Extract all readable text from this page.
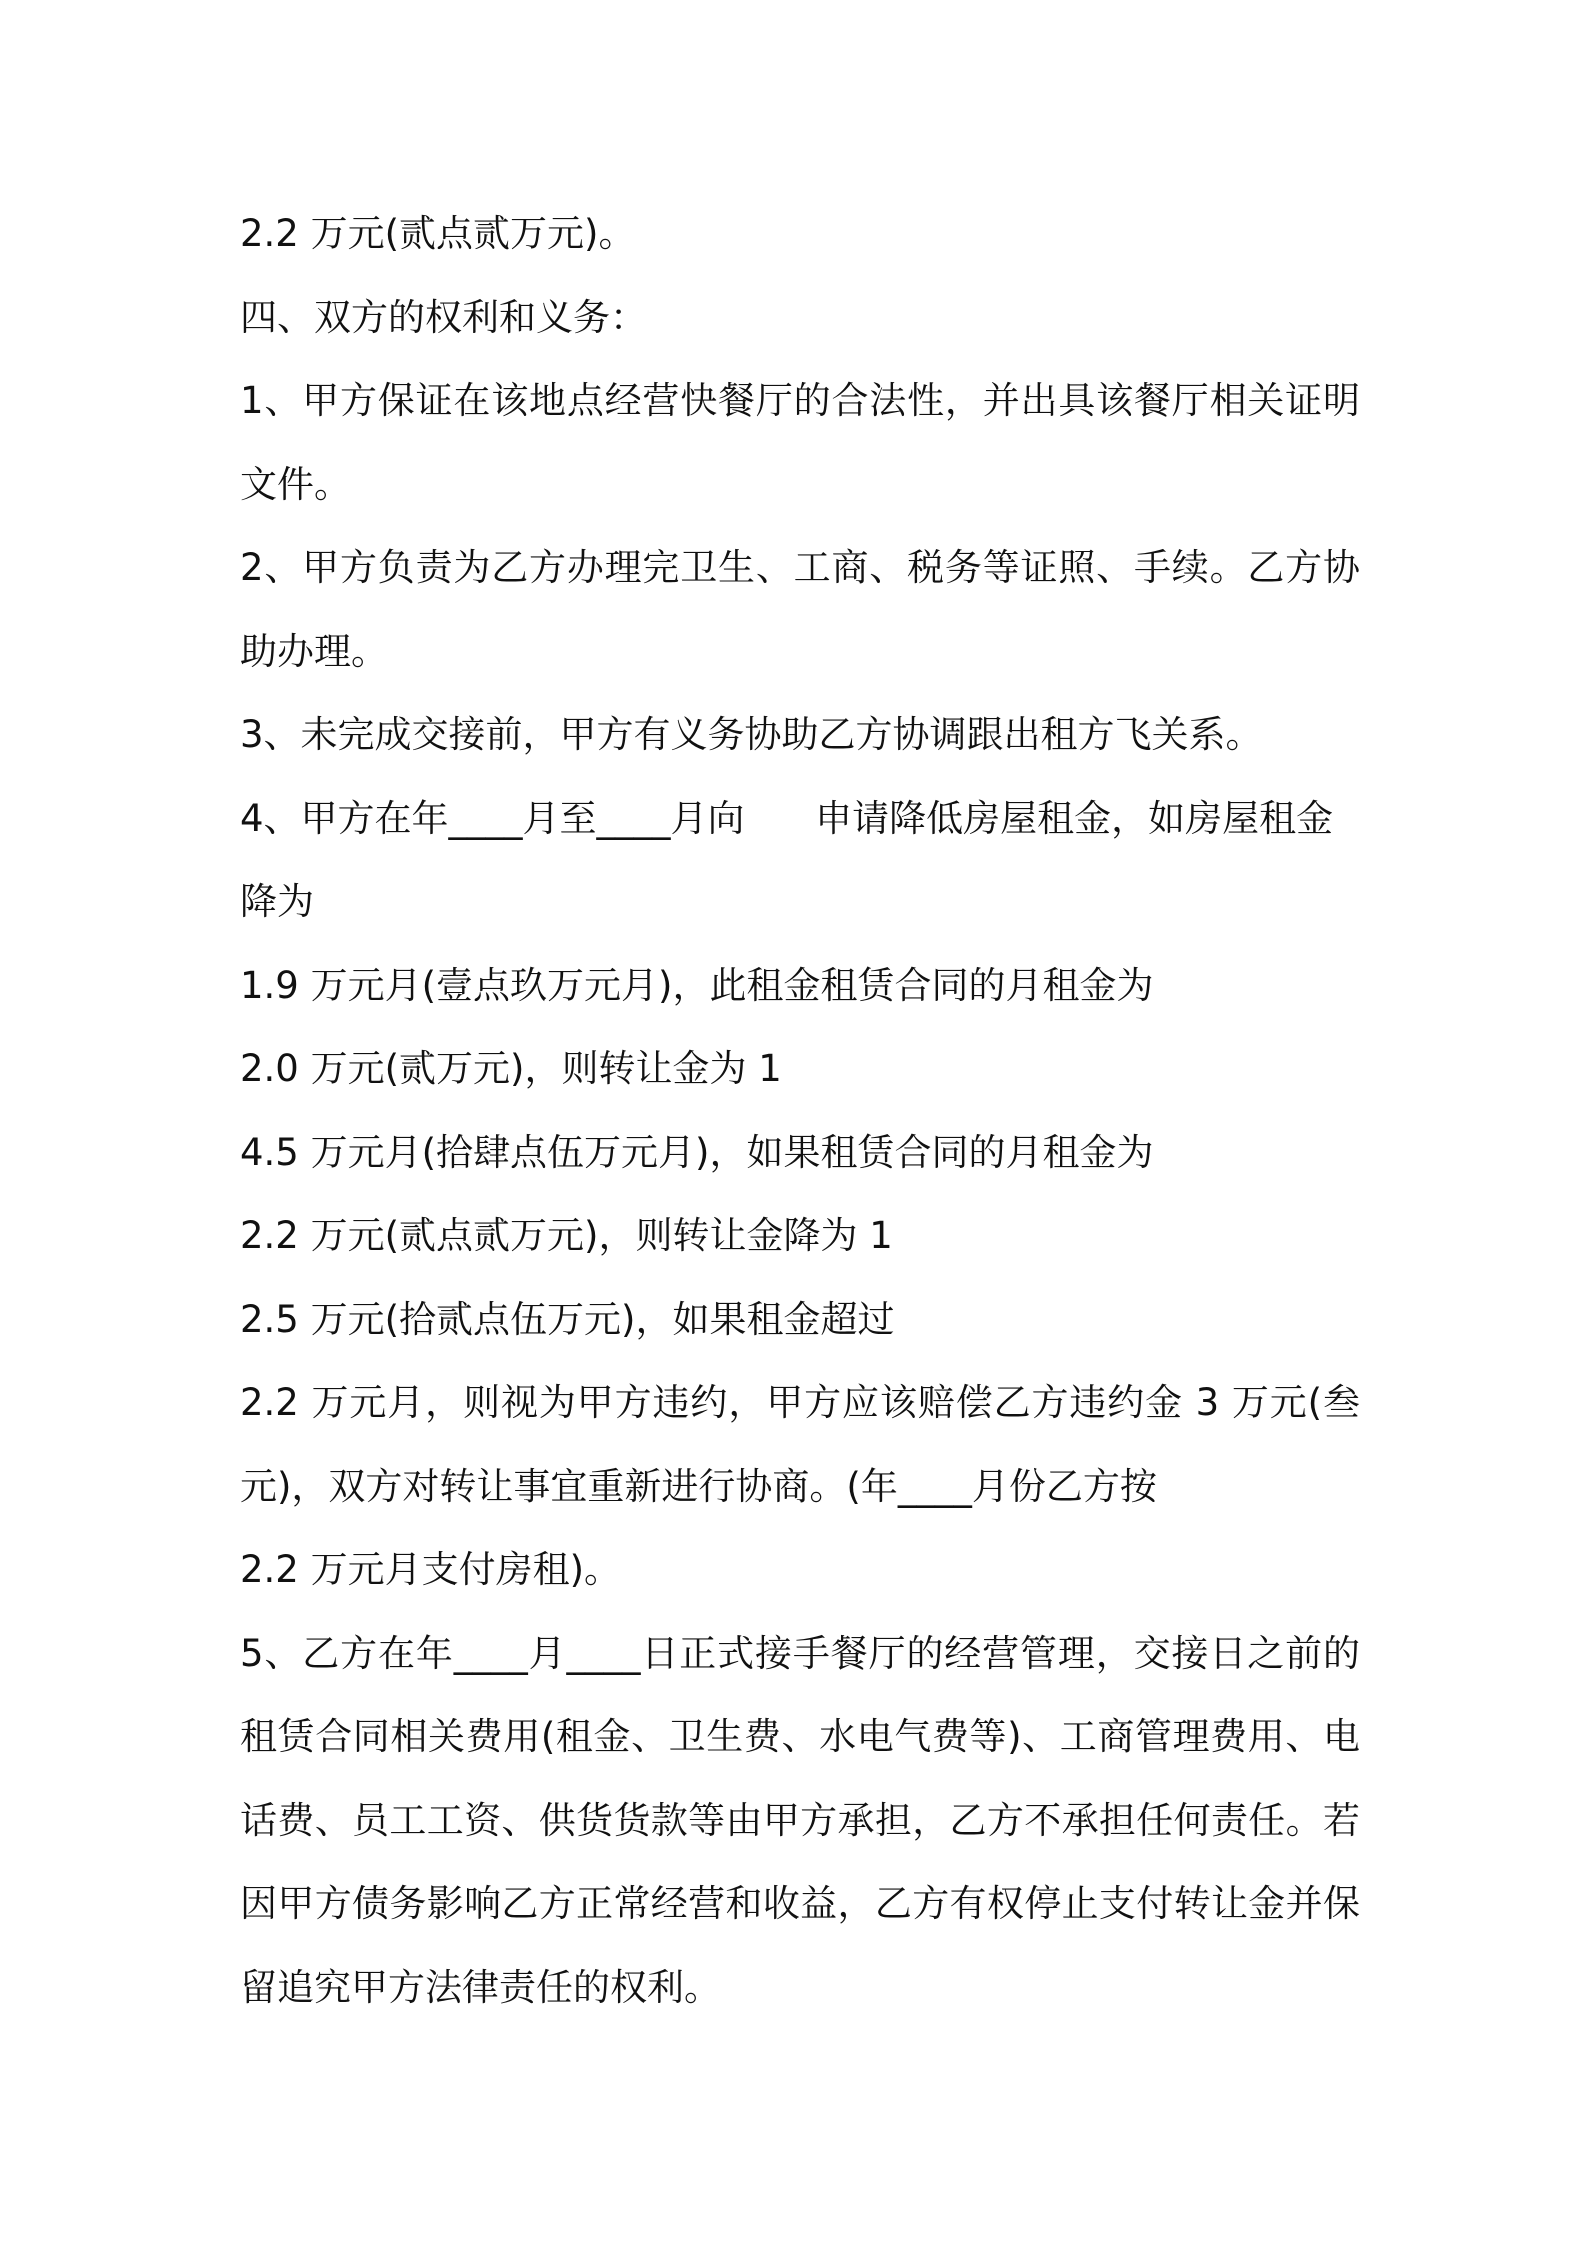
2.2 万元(贰点贰万元)。
四、双方的权利和义务：
1、甲方保证在该地点经营快餐厅的合法性，并出具该餐厅相关证明
文件。
2、甲方负责为乙方办理完卫生、工商、税务等证照、手续。乙方协
助办理。
3、未完成交接前，甲方有义务协助乙方协调跟出租方飞关系。
4、甲方在年____月至____月向      申请降低房屋租金，如房屋租金
降为
1.9 万元月(壹点玖万元月)，此租金租赁合同的月租金为
2.0 万元(贰万元)，则转让金为 1
4.5 万元月(拾肆点伍万元月)，如果租赁合同的月租金为
2.2 万元(贰点贰万元)，则转让金降为 1
2.5 万元(拾贰点伍万元)，如果租金超过
2.2 万元月，则视为甲方违约，甲方应该赔偿乙方违约金 3 万元(叁
元)，双方对转让事宜重新进行协商。(年____月份乙方按
2.2 万元月支付房租)。
5、乙方在年____月____日正式接手餐厅的经营管理，交接日之前的
租赁合同相关费用(租金、卫生费、水电气费等)、工商管理费用、电
话费、员工工资、供货货款等由甲方承担，乙方不承担任何责任。若
因甲方债务影响乙方正常经营和收益，乙方有权停止支付转让金并保
留追究甲方法律责任的权利。
